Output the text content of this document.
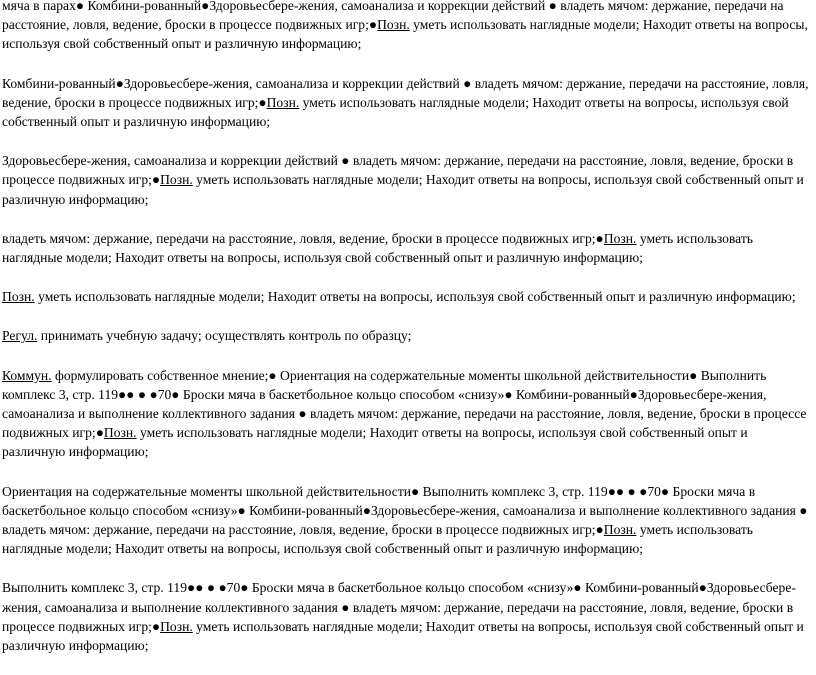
мяча в парах● Комбини-рованный●Здоровьесбере-жения, самоанализа и коррекции действий ● владеть мячом: держание, передачи на расстояние, ловля, ведение, броски в процессе подвижных игр;●Позн. уметь использовать наглядные модели; Находит ответы на вопросы, используя свой собственный опыт и различную информацию;

Комбини-рованный●Здоровьесбере-жения, самоанализа и коррекции действий ● владеть мячом: держание, передачи на расстояние, ловля, ведение, броски в процессе подвижных игр;●Позн. уметь использовать наглядные модели; Находит ответы на вопросы, используя свой собственный опыт и различную информацию;

Здоровьесбере-жения, самоанализа и коррекции действий ● владеть мячом: держание, передачи на расстояние, ловля, ведение, броски в процессе подвижных игр;●Позн. уметь использовать наглядные модели; Находит ответы на вопросы, используя свой собственный опыт и различную информацию;

владеть мячом: держание, передачи на расстояние, ловля, ведение, броски в процессе подвижных игр;●Позн. уметь использовать наглядные модели; Находит ответы на вопросы, используя свой собственный опыт и различную информацию;

Позн. уметь использовать наглядные модели; Находит ответы на вопросы, используя свой собственный опыт и различную информацию;

Регул. принимать учебную задачу; осуществлять контроль по образцу;

Коммун. формулировать собственное мнение;● Ориентация на содержательные моменты школьной действительности● Выполнить комплекс 3, стр. 119●● ● ●70● Броски мяча в баскетбольное кольцо способом «снизу»● Комбини-рованный●Здоровьесбере-жения, самоанализа и выполнение коллективного задания ● владеть мячом: держание, передачи на расстояние, ловля, ведение, броски в процессе подвижных игр;●Позн. уметь использовать наглядные модели; Находит ответы на вопросы, используя свой собственный опыт и различную информацию;

Ориентация на содержательные моменты школьной действительности● Выполнить комплекс 3, стр. 119●● ● ●70● Броски мяча в баскетбольное кольцо способом «снизу»● Комбини-рованный●Здоровьесбере-жения, самоанализа и выполнение коллективного задания ● владеть мячом: держание, передачи на расстояние, ловля, ведение, броски в процессе подвижных игр;●Позн. уметь использовать наглядные модели; Находит ответы на вопросы, используя свой собственный опыт и различную информацию;

Выполнить комплекс 3, стр. 119●● ● ●70● Броски мяча в баскетбольное кольцо способом «снизу»● Комбини-рованный●Здоровьесбере-жения, самоанализа и выполнение коллективного задания ● владеть мячом: держание, передачи на расстояние, ловля, ведение, броски в процессе подвижных игр;●Позн. уметь использовать наглядные модели; Находит ответы на вопросы, используя свой собственный опыт и различную информацию;
